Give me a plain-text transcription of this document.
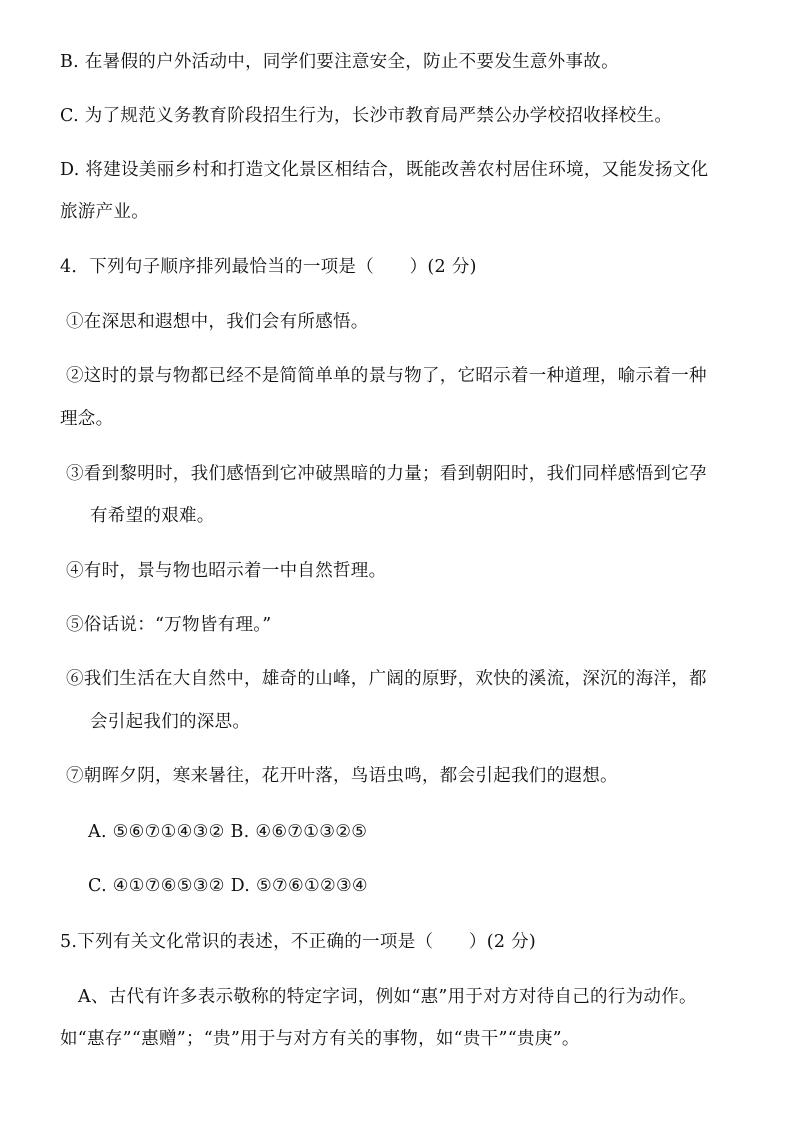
B. 在暑假的户外活动中，同学们要注意安全，防止不要发生意外事故。
C. 为了规范义务教育阶段招生行为，长沙市教育局严禁公办学校招收择校生。
D. 将建设美丽乡村和打造文化景区相结合，既能改善农村居住环境，又能发扬文化
旅游产业。
4．下列句子顺序排列最恰当的一项是（　　）(2 分)
①在深思和遐想中，我们会有所感悟。
②这时的景与物都已经不是简简单单的景与物了，它昭示着一种道理，喻示着一种
理念。
③看到黎明时，我们感悟到它冲破黑暗的力量；看到朝阳时，我们同样感悟到它孕
有希望的艰难。
④有时，景与物也昭示着一中自然哲理。
⑤俗话说：“万物皆有理。”
⑥我们生活在大自然中，雄奇的山峰，广阔的原野，欢快的溪流，深沉的海洋，都
会引起我们的深思。
⑦朝晖夕阴，寒来暑往，花开叶落，鸟语虫鸣，都会引起我们的遐想。
A. ⑤⑥⑦①④③② B. ④⑥⑦①③②⑤
C. ④①⑦⑥⑤③② D. ⑤⑦⑥①②③④
5.下列有关文化常识的表述，不正确的一项是（　　）(2 分)
A、古代有许多表示敬称的特定字词，例如“惠”用于对方对待自己的行为动作。
如“惠存”“惠赠”；“贵”用于与对方有关的事物，如“贵干”“贵庚”。
